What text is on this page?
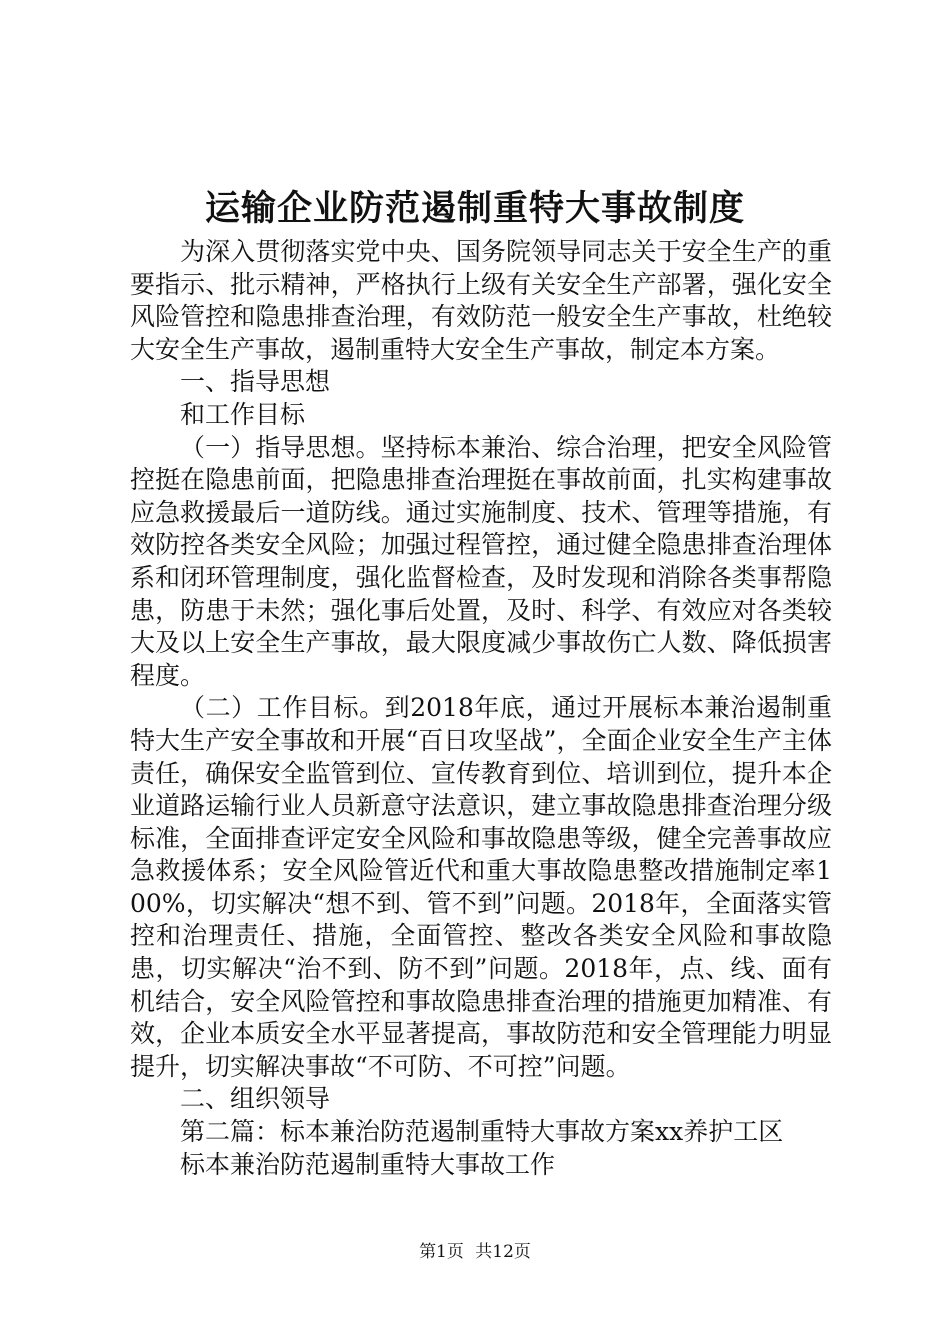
运输企业防范遏制重特大事故制度

为深入贯彻落实党中央、国务院领导同志关于安全生产的重要指示、批示精神，严格执行上级有关安全生产部署，强化安全风险管控和隐患排查治理，有效防范一般安全生产事故，杜绝较大安全生产事故，遏制重特大安全生产事故，制定本方案。

一、指导思想

和工作目标

（一）指导思想。坚持标本兼治、综合治理，把安全风险管控挺在隐患前面，把隐患排查治理挺在事故前面，扎实构建事故应急救援最后一道防线。通过实施制度、技术、管理等措施，有效防控各类安全风险；加强过程管控，通过健全隐患排查治理体系和闭环管理制度，强化监督检查，及时发现和消除各类事帮隐患，防患于未然；强化事后处置，及时、科学、有效应对各类较大及以上安全生产事故，最大限度减少事故伤亡人数、降低损害程度。

（二）工作目标。到2018年底，通过开展标本兼治遏制重特大生产安全事故和开展“百日攻坚战”，全面企业安全生产主体责任，确保安全监管到位、宣传教育到位、培训到位，提升本企业道路运输行业人员新意守法意识，建立事故隐患排查治理分级标准，全面排查评定安全风险和事故隐患等级，健全完善事故应急救援体系；安全风险管近代和重大事故隐患整改措施制定率100%，切实解决“想不到、管不到”问题。2018年，全面落实管控和治理责任、措施，全面管控、整改各类安全风险和事故隐患，切实解决“治不到、防不到”问题。2018年，点、线、面有机结合，安全风险管控和事故隐患排查治理的措施更加精准、有效，企业本质安全水平显著提高，事故防范和安全管理能力明显提升，切实解决事故“不可防、不可控”问题。

二、组织领导

第二篇：标本兼治防范遏制重特大事故方案xx养护工区

标本兼治防范遏制重特大事故工作

第1页 共12页
